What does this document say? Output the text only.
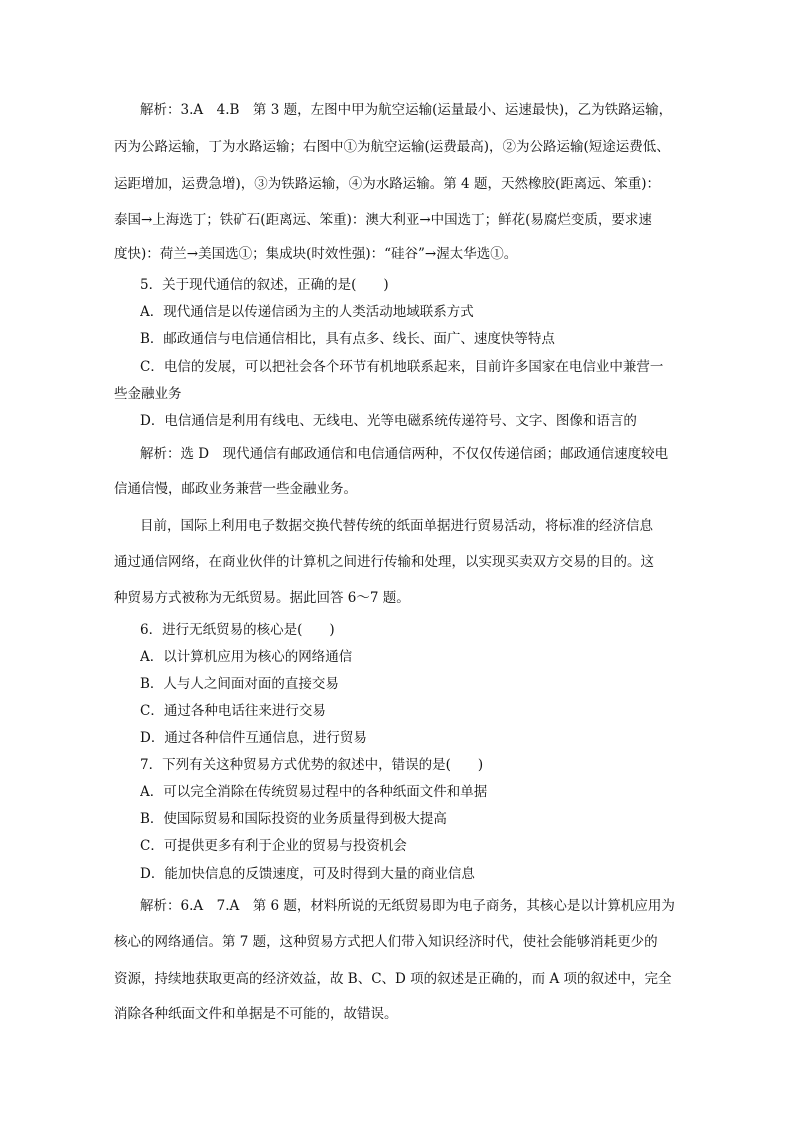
解析：3.A　4.B　第 3 题，左图中甲为航空运输(运量最小、运速最快)，乙为铁路运输，
丙为公路运输，丁为水路运输；右图中①为航空运输(运费最高)，②为公路运输(短途运费低、
运距增加，运费急增)，③为铁路运输，④为水路运输。第 4 题，天然橡胶(距离远、笨重)：
泰国→上海选丁；铁矿石(距离远、笨重)：澳大利亚→中国选丁；鲜花(易腐烂变质，要求速
度快)：荷兰→美国选①；集成块(时效性强)：“硅谷”→渥太华选①。
5．关于现代通信的叙述，正确的是(　　)
A．现代通信是以传递信函为主的人类活动地域联系方式
B．邮政通信与电信通信相比，具有点多、线长、面广、速度快等特点
C．电信的发展，可以把社会各个环节有机地联系起来，目前许多国家在电信业中兼营一
些金融业务
D．电信通信是利用有线电、无线电、光等电磁系统传递符号、文字、图像和语言的
解析：选 D　现代通信有邮政通信和电信通信两种，不仅仅传递信函；邮政通信速度较电
信通信慢，邮政业务兼营一些金融业务。
目前，国际上利用电子数据交换代替传统的纸面单据进行贸易活动，将标准的经济信息
通过通信网络，在商业伙伴的计算机之间进行传输和处理，以实现买卖双方交易的目的。这
种贸易方式被称为无纸贸易。据此回答 6～7 题。
6．进行无纸贸易的核心是(　　)
A．以计算机应用为核心的网络通信
B．人与人之间面对面的直接交易
C．通过各种电话往来进行交易
D．通过各种信件互通信息，进行贸易
7．下列有关这种贸易方式优势的叙述中，错误的是(　　)
A．可以完全消除在传统贸易过程中的各种纸面文件和单据
B．使国际贸易和国际投资的业务质量得到极大提高
C．可提供更多有利于企业的贸易与投资机会
D．能加快信息的反馈速度，可及时得到大量的商业信息
解析：6.A　7.A　第 6 题，材料所说的无纸贸易即为电子商务，其核心是以计算机应用为
核心的网络通信。第 7 题，这种贸易方式把人们带入知识经济时代，使社会能够消耗更少的
资源，持续地获取更高的经济效益，故 B、C、D 项的叙述是正确的，而 A 项的叙述中，完全
消除各种纸面文件和单据是不可能的，故错误。
